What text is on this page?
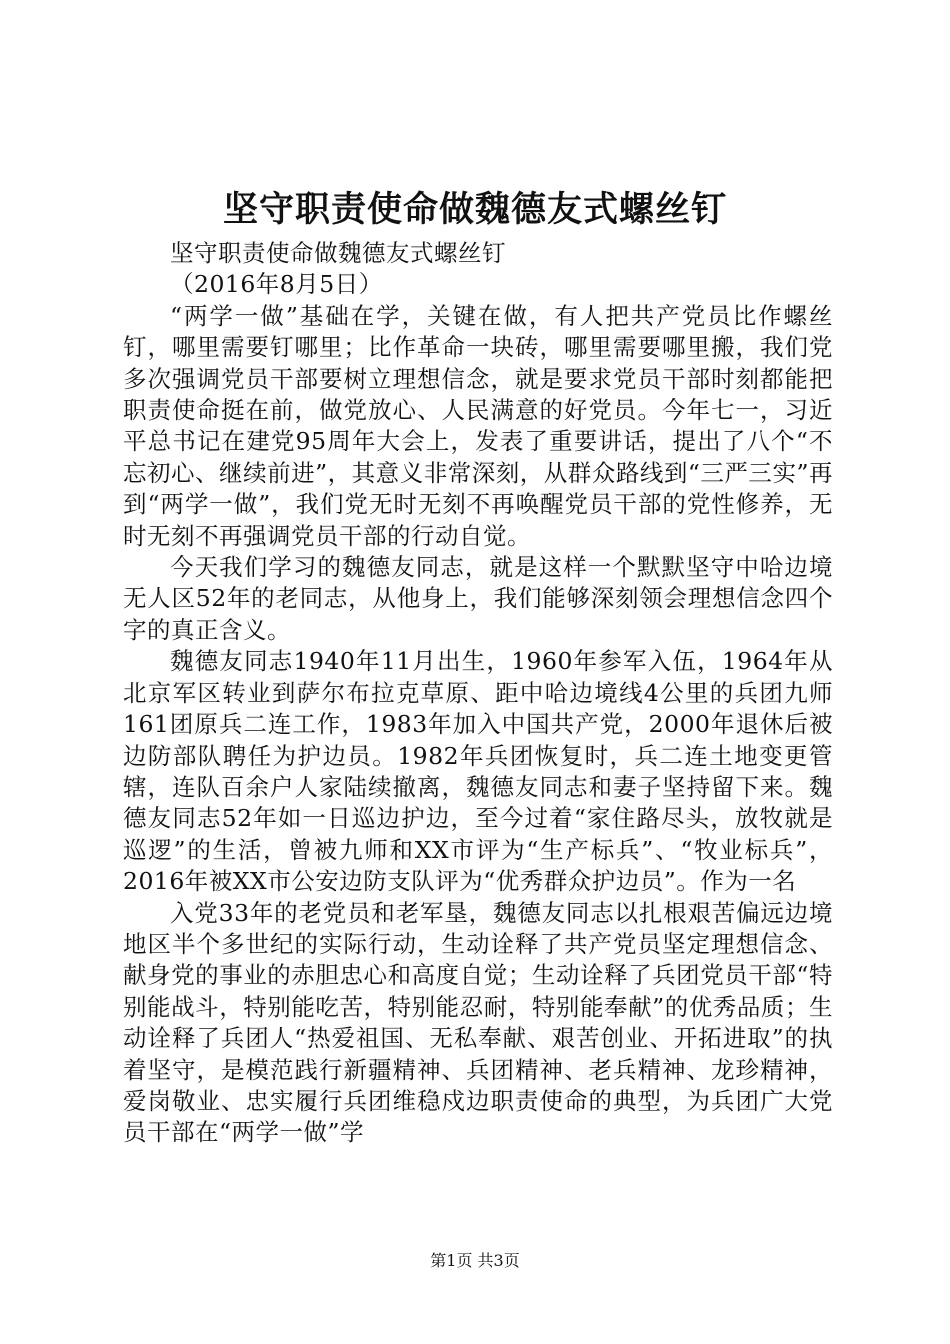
坚守职责使命做魏德友式螺丝钉

坚守职责使命做魏德友式螺丝钉

（2016年8月5日）

“两学一做”基础在学，关键在做，有人把共产党员比作螺丝钉，哪里需要钉哪里；比作革命一块砖，哪里需要哪里搬，我们党多次强调党员干部要树立理想信念，就是要求党员干部时刻都能把职责使命挺在前，做党放心、人民满意的好党员。今年七一，习近平总书记在建党95周年大会上，发表了重要讲话，提出了八个“不忘初心、继续前进”，其意义非常深刻，从群众路线到“三严三实”再到“两学一做”，我们党无时无刻不再唤醒党员干部的党性修养，无时无刻不再强调党员干部的行动自觉。

今天我们学习的魏德友同志，就是这样一个默默坚守中哈边境无人区52年的老同志，从他身上，我们能够深刻领会理想信念四个字的真正含义。

魏德友同志1940年11月出生，1960年参军入伍，1964年从北京军区转业到萨尔布拉克草原、距中哈边境线4公里的兵团九师161团原兵二连工作，1983年加入中国共产党，2000年退休后被边防部队聘任为护边员。1982年兵团恢复时，兵二连土地变更管辖，连队百余户人家陆续撤离，魏德友同志和妻子坚持留下来。魏德友同志52年如一日巡边护边，至今过着“家住路尽头，放牧就是巡逻”的生活，曾被九师和XX市评为“生产标兵”、“牧业标兵”，2016年被XX市公安边防支队评为“优秀群众护边员”。作为一名

入党33年的老党员和老军垦，魏德友同志以扎根艰苦偏远边境地区半个多世纪的实际行动，生动诠释了共产党员坚定理想信念、献身党的事业的赤胆忠心和高度自觉；生动诠释了兵团党员干部“特别能战斗，特别能吃苦，特别能忍耐，特别能奉献”的优秀品质；生动诠释了兵团人“热爱祖国、无私奉献、艰苦创业、开拓进取”的执着坚守，是模范践行新疆精神、兵团精神、老兵精神、龙珍精神，爱岗敬业、忠实履行兵团维稳戍边职责使命的典型，为兵团广大党员干部在“两学一做”学

第1页 共3页
